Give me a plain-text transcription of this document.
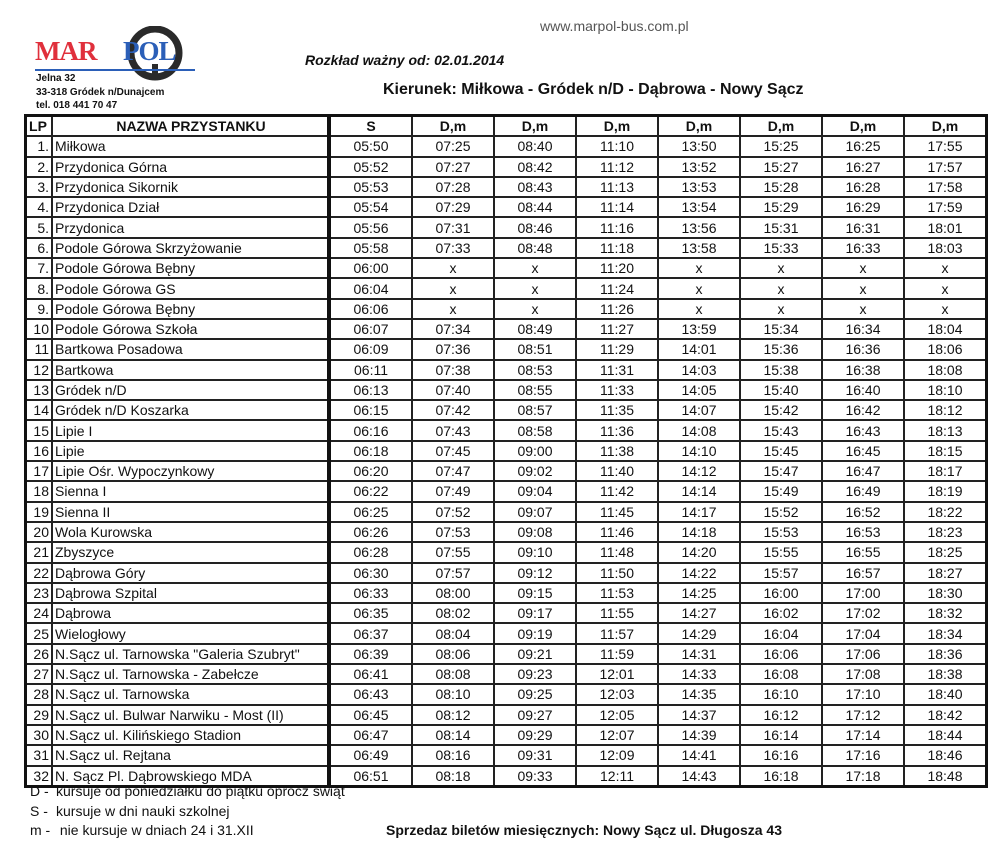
MAR POL
Jelna 32
33-318 Gródek n/Dunajcem
tel. 018 441 70 47
www.marpol-bus.com.pl
Rozkład ważny od: 02.01.2014
Kierunek: Miłkowa - Gródek n/D - Dąbrowa - Nowy Sącz
LP	NAZWA PRZYSTANKU	S	D,m	D,m	D,m	D,m	D,m	D,m	D,m
1.	Miłkowa	05:50	07:25	08:40	11:10	13:50	15:25	16:25	17:55
2.	Przydonica Górna	05:52	07:27	08:42	11:12	13:52	15:27	16:27	17:57
3.	Przydonica Sikornik	05:53	07:28	08:43	11:13	13:53	15:28	16:28	17:58
4.	Przydonica Dział	05:54	07:29	08:44	11:14	13:54	15:29	16:29	17:59
5.	Przydonica	05:56	07:31	08:46	11:16	13:56	15:31	16:31	18:01
6.	Podole Górowa Skrzyżowanie	05:58	07:33	08:48	11:18	13:58	15:33	16:33	18:03
7.	Podole Górowa Bębny	06:00	x	x	11:20	x	x	x	x
8.	Podole Górowa GS	06:04	x	x	11:24	x	x	x	x
9.	Podole Górowa Bębny	06:06	x	x	11:26	x	x	x	x
10	Podole Górowa Szkoła	06:07	07:34	08:49	11:27	13:59	15:34	16:34	18:04
11	Bartkowa Posadowa	06:09	07:36	08:51	11:29	14:01	15:36	16:36	18:06
12	Bartkowa	06:11	07:38	08:53	11:31	14:03	15:38	16:38	18:08
13	Gródek n/D	06:13	07:40	08:55	11:33	14:05	15:40	16:40	18:10
14	Gródek n/D Koszarka	06:15	07:42	08:57	11:35	14:07	15:42	16:42	18:12
15	Lipie I	06:16	07:43	08:58	11:36	14:08	15:43	16:43	18:13
16	Lipie	06:18	07:45	09:00	11:38	14:10	15:45	16:45	18:15
17	Lipie Ośr. Wypoczynkowy	06:20	07:47	09:02	11:40	14:12	15:47	16:47	18:17
18	Sienna I	06:22	07:49	09:04	11:42	14:14	15:49	16:49	18:19
19	Sienna II	06:25	07:52	09:07	11:45	14:17	15:52	16:52	18:22
20	Wola Kurowska	06:26	07:53	09:08	11:46	14:18	15:53	16:53	18:23
21	Zbyszyce	06:28	07:55	09:10	11:48	14:20	15:55	16:55	18:25
22	Dąbrowa Góry	06:30	07:57	09:12	11:50	14:22	15:57	16:57	18:27
23	Dąbrowa Szpital	06:33	08:00	09:15	11:53	14:25	16:00	17:00	18:30
24	Dąbrowa	06:35	08:02	09:17	11:55	14:27	16:02	17:02	18:32
25	Wielogłowy	06:37	08:04	09:19	11:57	14:29	16:04	17:04	18:34
26	N.Sącz ul. Tarnowska "Galeria Szubryt"	06:39	08:06	09:21	11:59	14:31	16:06	17:06	18:36
27	N.Sącz ul. Tarnowska - Zabełcze	06:41	08:08	09:23	12:01	14:33	16:08	17:08	18:38
28	N.Sącz ul. Tarnowska	06:43	08:10	09:25	12:03	14:35	16:10	17:10	18:40
29	N.Sącz ul. Bulwar Narwiku - Most (II)	06:45	08:12	09:27	12:05	14:37	16:12	17:12	18:42
30	N.Sącz ul. Kilińskiego Stadion	06:47	08:14	09:29	12:07	14:39	16:14	17:14	18:44
31	N.Sącz ul. Rejtana	06:49	08:16	09:31	12:09	14:41	16:16	17:16	18:46
32	N. Sącz Pl. Dąbrowskiego MDA	06:51	08:18	09:33	12:11	14:43	16:18	17:18	18:48
D - kursuje od poniedziałku do piątku oprócz świąt
S - kursuje w dni nauki szkolnej
m - nie kursuje w dniach 24 i 31.XII	Sprzedaz biletów miesięcznych: Nowy Sącz ul. Długosza 43
